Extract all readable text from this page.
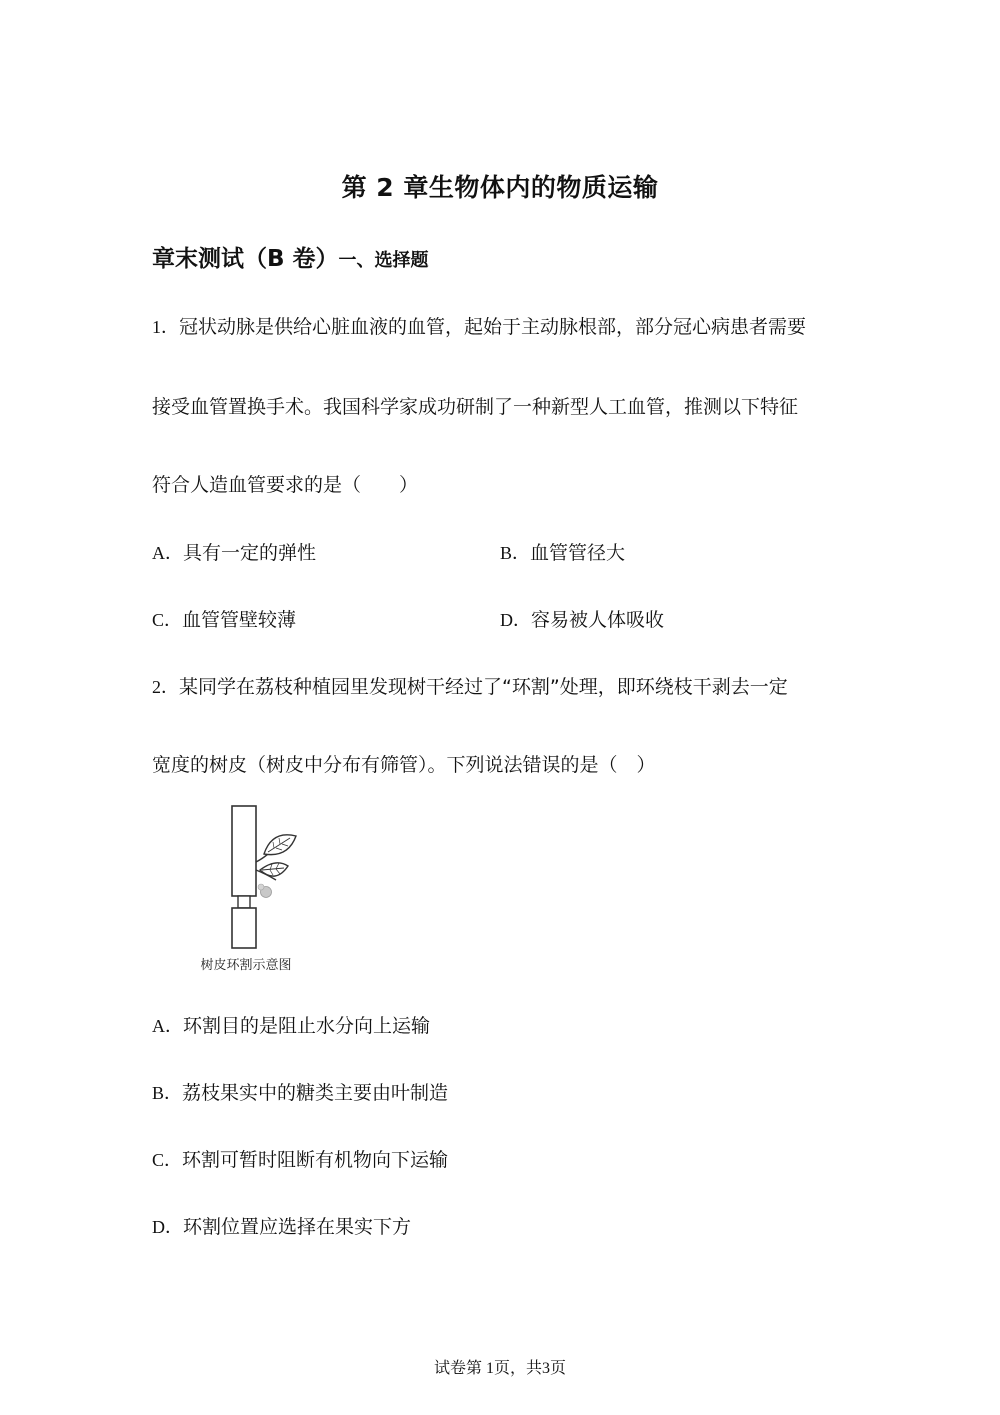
第 2 章生物体内的物质运输
章末测试（B 卷）一、选择题
1．冠状动脉是供给心脏血液的血管，起始于主动脉根部，部分冠心病患者需要
接受血管置换手术。我国科学家成功研制了一种新型人工血管，推测以下特征
符合人造血管要求的是（　　）
A．具有一定的弹性	B．血管管径大
C．血管管壁较薄	D．容易被人体吸收
2．某同学在荔枝种植园里发现树干经过了“环割”处理，即环绕枝干剥去一定
宽度的树皮（树皮中分布有筛管）。下列说法错误的是（　）
树皮环割示意图
A．环割目的是阻止水分向上运输
B．荔枝果实中的糖类主要由叶制造
C．环割可暂时阻断有机物向下运输
D．环割位置应选择在果实下方
试卷第 1页，共3页
